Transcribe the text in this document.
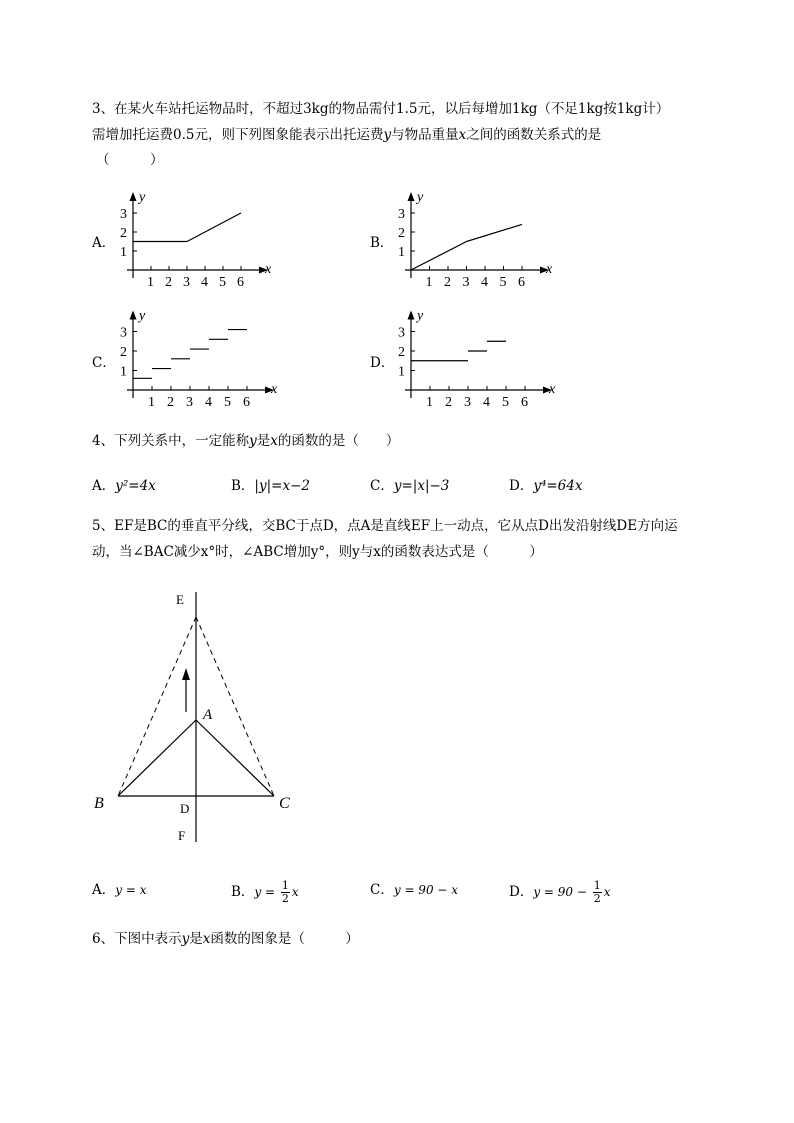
3、在某火车站托运物品时，不超过3kg的物品需付1.5元，以后每增加1kg（不足1kg按1kg计）
需增加托运费0.5元，则下列图象能表示出托运费y与物品重量x之间的函数关系式的是
（　　　）
A．	B．
C．	D．
1 2 3 4 5 6
1
2
3
x
y
1 2 3 4 5 6
1
2
3
x
y
1 2 3 4 5 6
1
2
3
x
y
1 2 3 4 5 6
1
2
3
x
y
4、下列关系中，一定能称y是x的函数的是（　　）
A．y²=4x	B．|y|=x−2	C．y=|x|−3	D．y⁴=64x
5、EF是BC的垂直平分线，交BC于点D，点A是直线EF上一动点，它从点D出发沿射线DE方向运
动，当∠BAC减少x°时，∠ABC增加y°，则y与x的函数表达式是（　　　）
E
A
B	C
D
F
A．y = x	B．$y = \frac{1}{2}$ x	C．y = 90 − x	D．$y = 90 - \frac{1}{2}$ x
6、下图中表示y是x函数的图象是（　　　）
